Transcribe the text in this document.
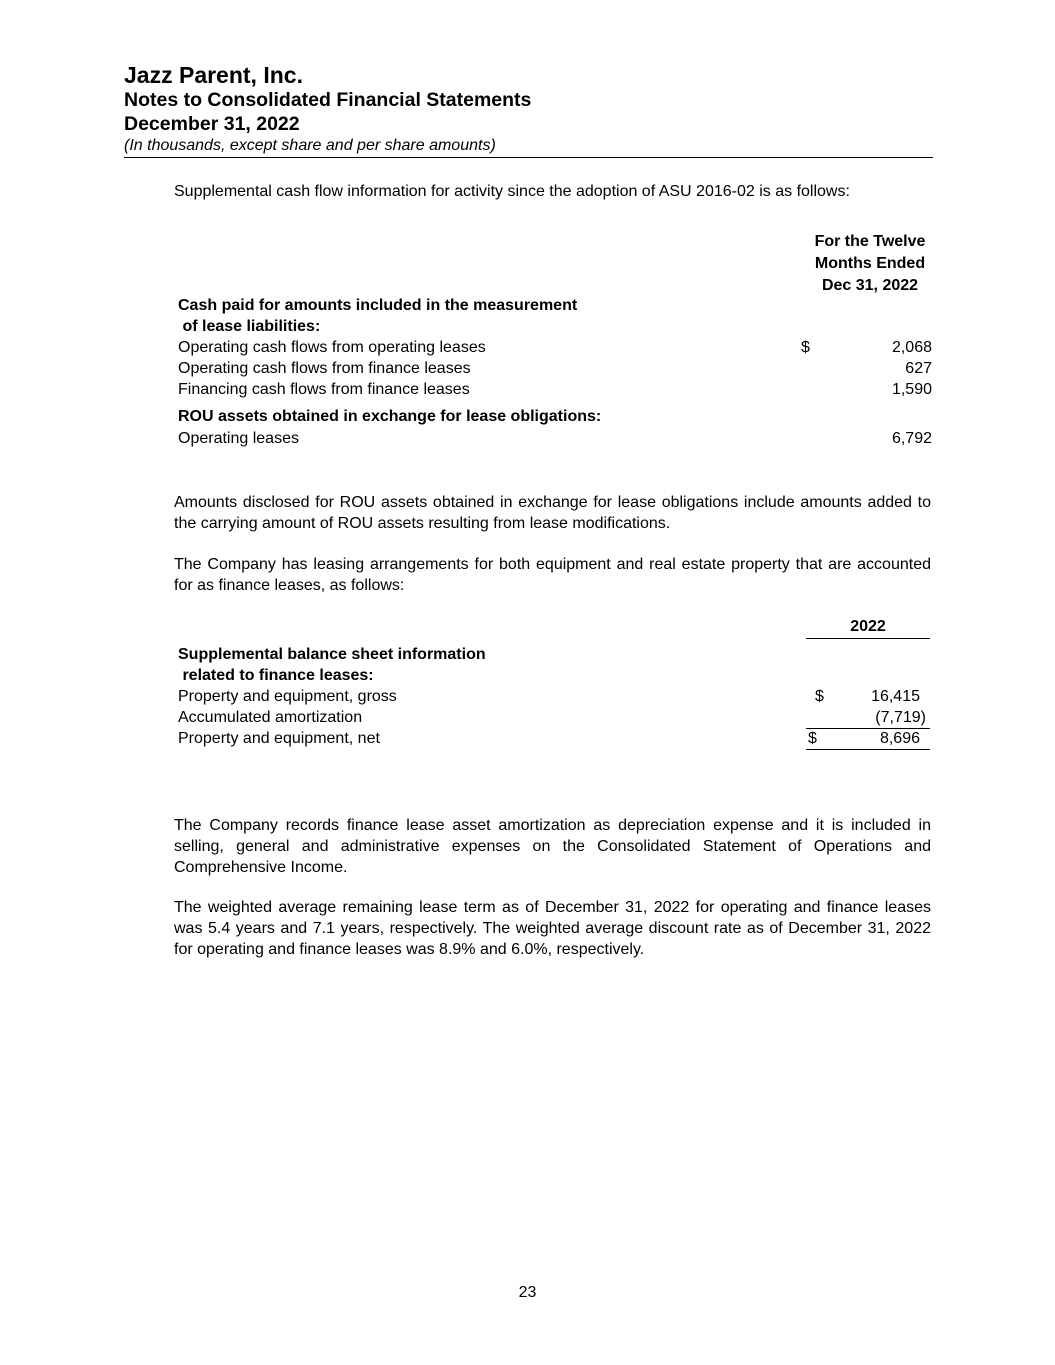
Jazz Parent, Inc.
Notes to Consolidated Financial Statements
December 31, 2022
(In thousands, except share and per share amounts)

Supplemental cash flow information for activity since the adoption of ASU 2016-02 is as follows:

For the Twelve
Months Ended
Dec 31, 2022
Cash paid for amounts included in the measurement
of lease liabilities:
Operating cash flows from operating leases	$	2,068
Operating cash flows from finance leases	627
Financing cash flows from finance leases	1,590
ROU assets obtained in exchange for lease obligations:
Operating leases	6,792

Amounts disclosed for ROU assets obtained in exchange for lease obligations include amounts added to the carrying amount of ROU assets resulting from lease modifications.

The Company has leasing arrangements for both equipment and real estate property that are accounted for as finance leases, as follows:

2022
Supplemental balance sheet information
related to finance leases:
Property and equipment, gross	$	16,415
Accumulated amortization	(7,719)
Property and equipment, net	$	8,696

The Company records finance lease asset amortization as depreciation expense and it is included in selling, general and administrative expenses on the Consolidated Statement of Operations and Comprehensive Income.

The weighted average remaining lease term as of December 31, 2022 for operating and finance leases was 5.4 years and 7.1 years, respectively. The weighted average discount rate as of December 31, 2022 for operating and finance leases was 8.9% and 6.0%, respectively.

23
